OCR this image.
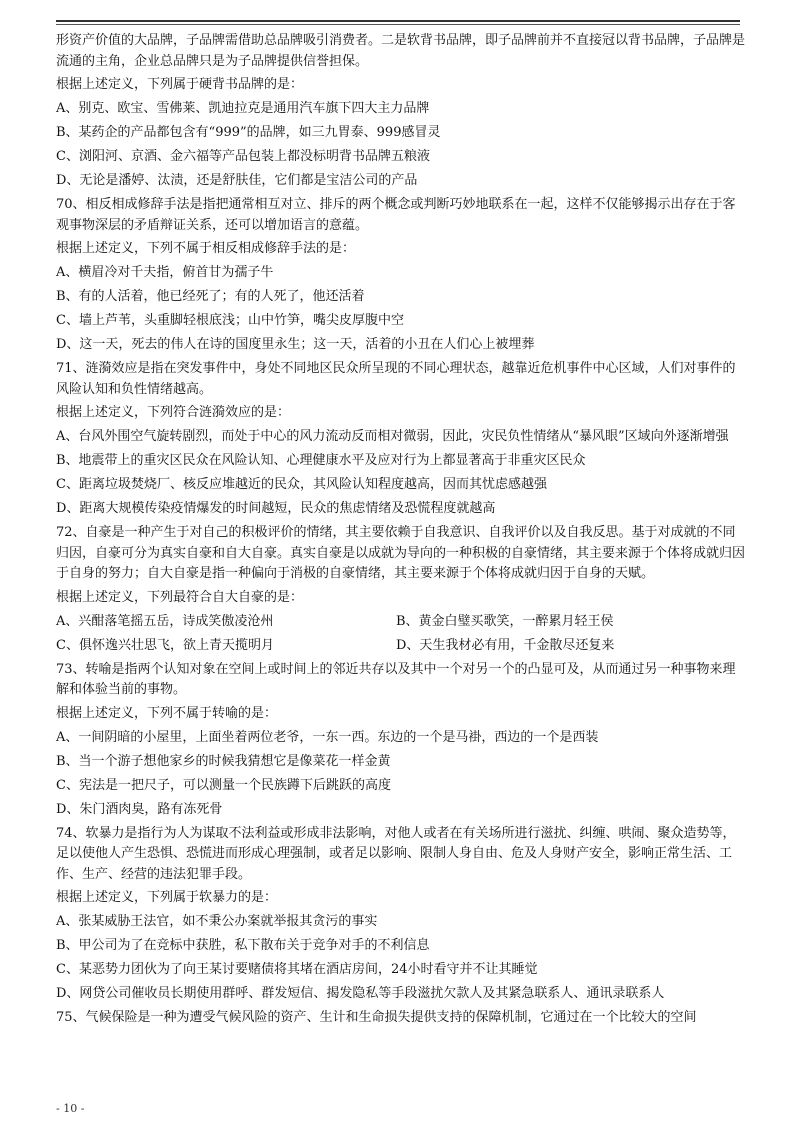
形资产价值的大品牌，子品牌需借助总品牌吸引消费者。二是软背书品牌，即子品牌前并不直接冠以背书品牌，子品牌是流通的主角，企业总品牌只是为子品牌提供信誉担保。

根据上述定义，下列属于硬背书品牌的是：

A、别克、欧宝、雪佛莱、凯迪拉克是通用汽车旗下四大主力品牌

B、某药企的产品都包含有“999”的品牌，如三九胃泰、999感冒灵

C、浏阳河、京酒、金六福等产品包装上都没标明背书品牌五粮液

D、无论是潘婷、汰渍，还是舒肤佳，它们都是宝洁公司的产品

70、相反相成修辞手法是指把通常相互对立、排斥的两个概念或判断巧妙地联系在一起，这样不仅能够揭示出存在于客观事物深层的矛盾辩证关系，还可以增加语言的意蕴。

根据上述定义，下列不属于相反相成修辞手法的是：

A、横眉冷对千夫指，俯首甘为孺子牛

B、有的人活着，他已经死了；有的人死了，他还活着

C、墙上芦苇，头重脚轻根底浅；山中竹笋，嘴尖皮厚腹中空

D、这一天，死去的伟人在诗的国度里永生；这一天，活着的小丑在人们心上被埋葬

71、涟漪效应是指在突发事件中，身处不同地区民众所呈现的不同心理状态，越靠近危机事件中心区域，人们对事件的风险认知和负性情绪越高。

根据上述定义，下列符合涟漪效应的是：

A、台风外围空气旋转剧烈，而处于中心的风力流动反而相对微弱，因此，灾民负性情绪从“暴风眼”区域向外逐渐增强

B、地震带上的重灾区民众在风险认知、心理健康水平及应对行为上都显著高于非重灾区民众

C、距离垃圾焚烧厂、核反应堆越近的民众，其风险认知程度越高，因而其忧虑感越强

D、距离大规模传染疫情爆发的时间越短，民众的焦虑情绪及恐慌程度就越高

72、自豪是一种产生于对自己的积极评价的情绪，其主要依赖于自我意识、自我评价以及自我反思。基于对成就的不同归因，自豪可分为真实自豪和自大自豪。真实自豪是以成就为导向的一种积极的自豪情绪，其主要来源于个体将成就归因于自身的努力；自大自豪是指一种偏向于消极的自豪情绪，其主要来源于个体将成就归因于自身的天赋。

根据上述定义，下列最符合自大自豪的是：

A、兴酣落笔摇五岳，诗成笑傲凌沧州	B、黄金白璧买歌笑，一醉累月轻王侯
C、俱怀逸兴壮思飞，欲上青天揽明月	D、天生我材必有用，千金散尽还复来

73、转喻是指两个认知对象在空间上或时间上的邻近共存以及其中一个对另一个的凸显可及，从而通过另一种事物来理解和体验当前的事物。

根据上述定义，下列不属于转喻的是：

A、一间阴暗的小屋里，上面坐着两位老爷，一东一西。东边的一个是马褂，西边的一个是西装

B、当一个游子想他家乡的时候我猜想它是像菜花一样金黄

C、宪法是一把尺子，可以测量一个民族蹲下后跳跃的高度

D、朱门酒肉臭，路有冻死骨

74、软暴力是指行为人为谋取不法利益或形成非法影响，对他人或者在有关场所进行滋扰、纠缠、哄闹、聚众造势等，足以使他人产生恐惧、恐慌进而形成心理强制，或者足以影响、限制人身自由、危及人身财产安全，影响正常生活、工作、生产、经营的违法犯罪手段。

根据上述定义，下列属于软暴力的是：

A、张某威胁王法官，如不秉公办案就举报其贪污的事实

B、甲公司为了在竞标中获胜，私下散布关于竞争对手的不利信息

C、某恶势力团伙为了向王某讨要赌债将其堵在酒店房间，24小时看守并不让其睡觉

D、网贷公司催收员长期使用群呼、群发短信、揭发隐私等手段滋扰欠款人及其紧急联系人、通讯录联系人

75、气候保险是一种为遭受气候风险的资产、生计和生命损失提供支持的保障机制，它通过在一个比较大的空间

- 10 -
